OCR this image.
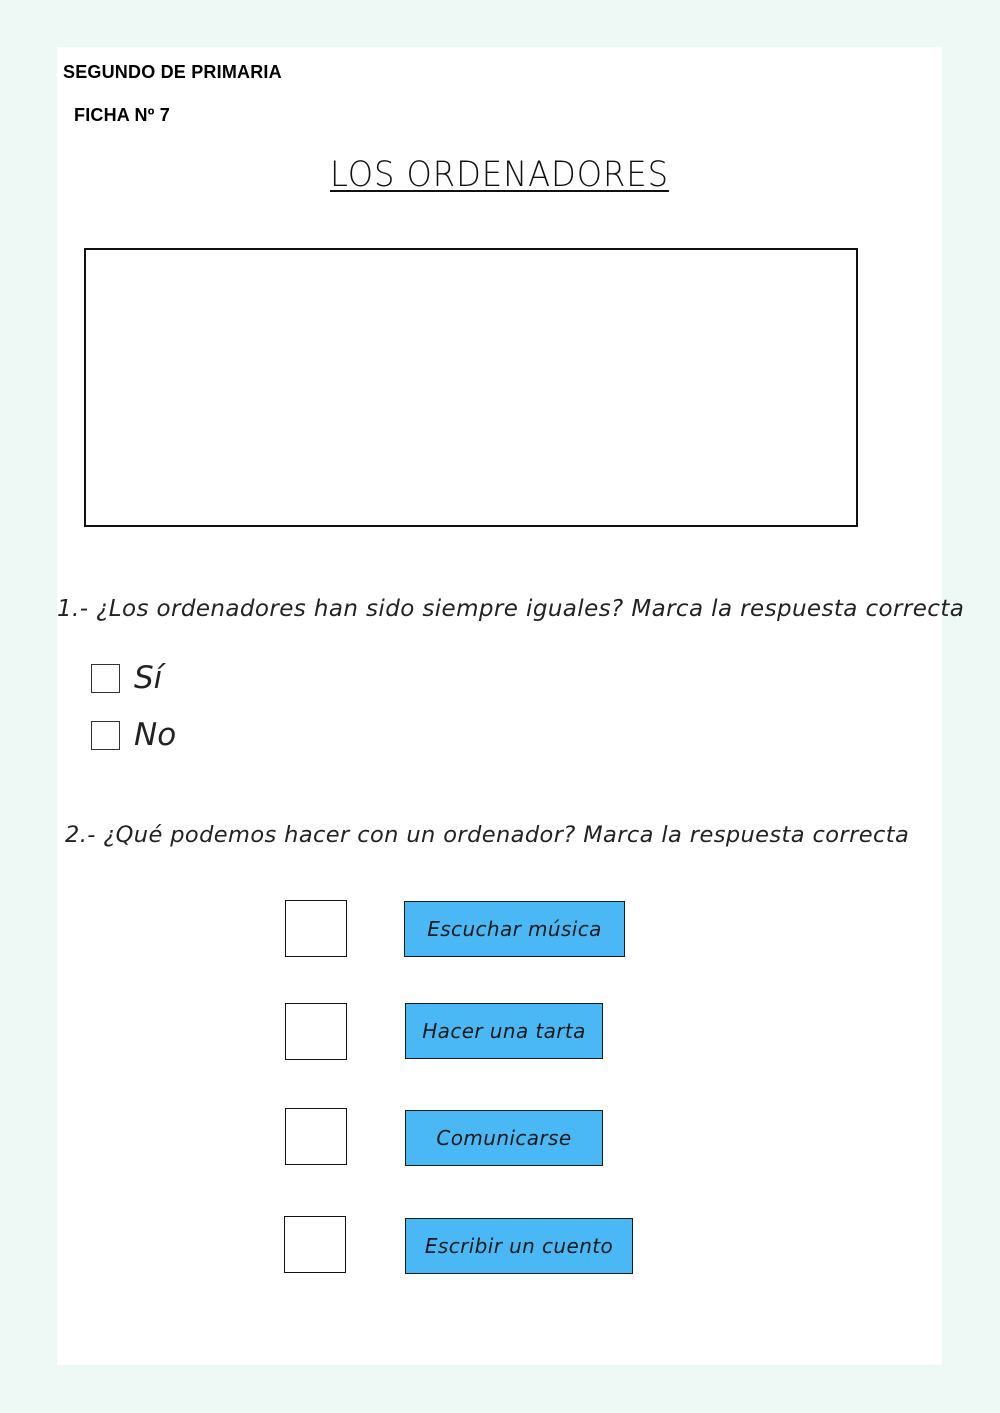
SEGUNDO DE PRIMARIA
FICHA Nº 7
LOS ORDENADORES
1.- ¿Los ordenadores han sido siempre iguales? Marca la respuesta correcta
Sí
No
2.- ¿Qué podemos hacer con un ordenador? Marca la respuesta correcta
Escuchar música
Hacer una tarta
Comunicarse
Escribir un cuento
